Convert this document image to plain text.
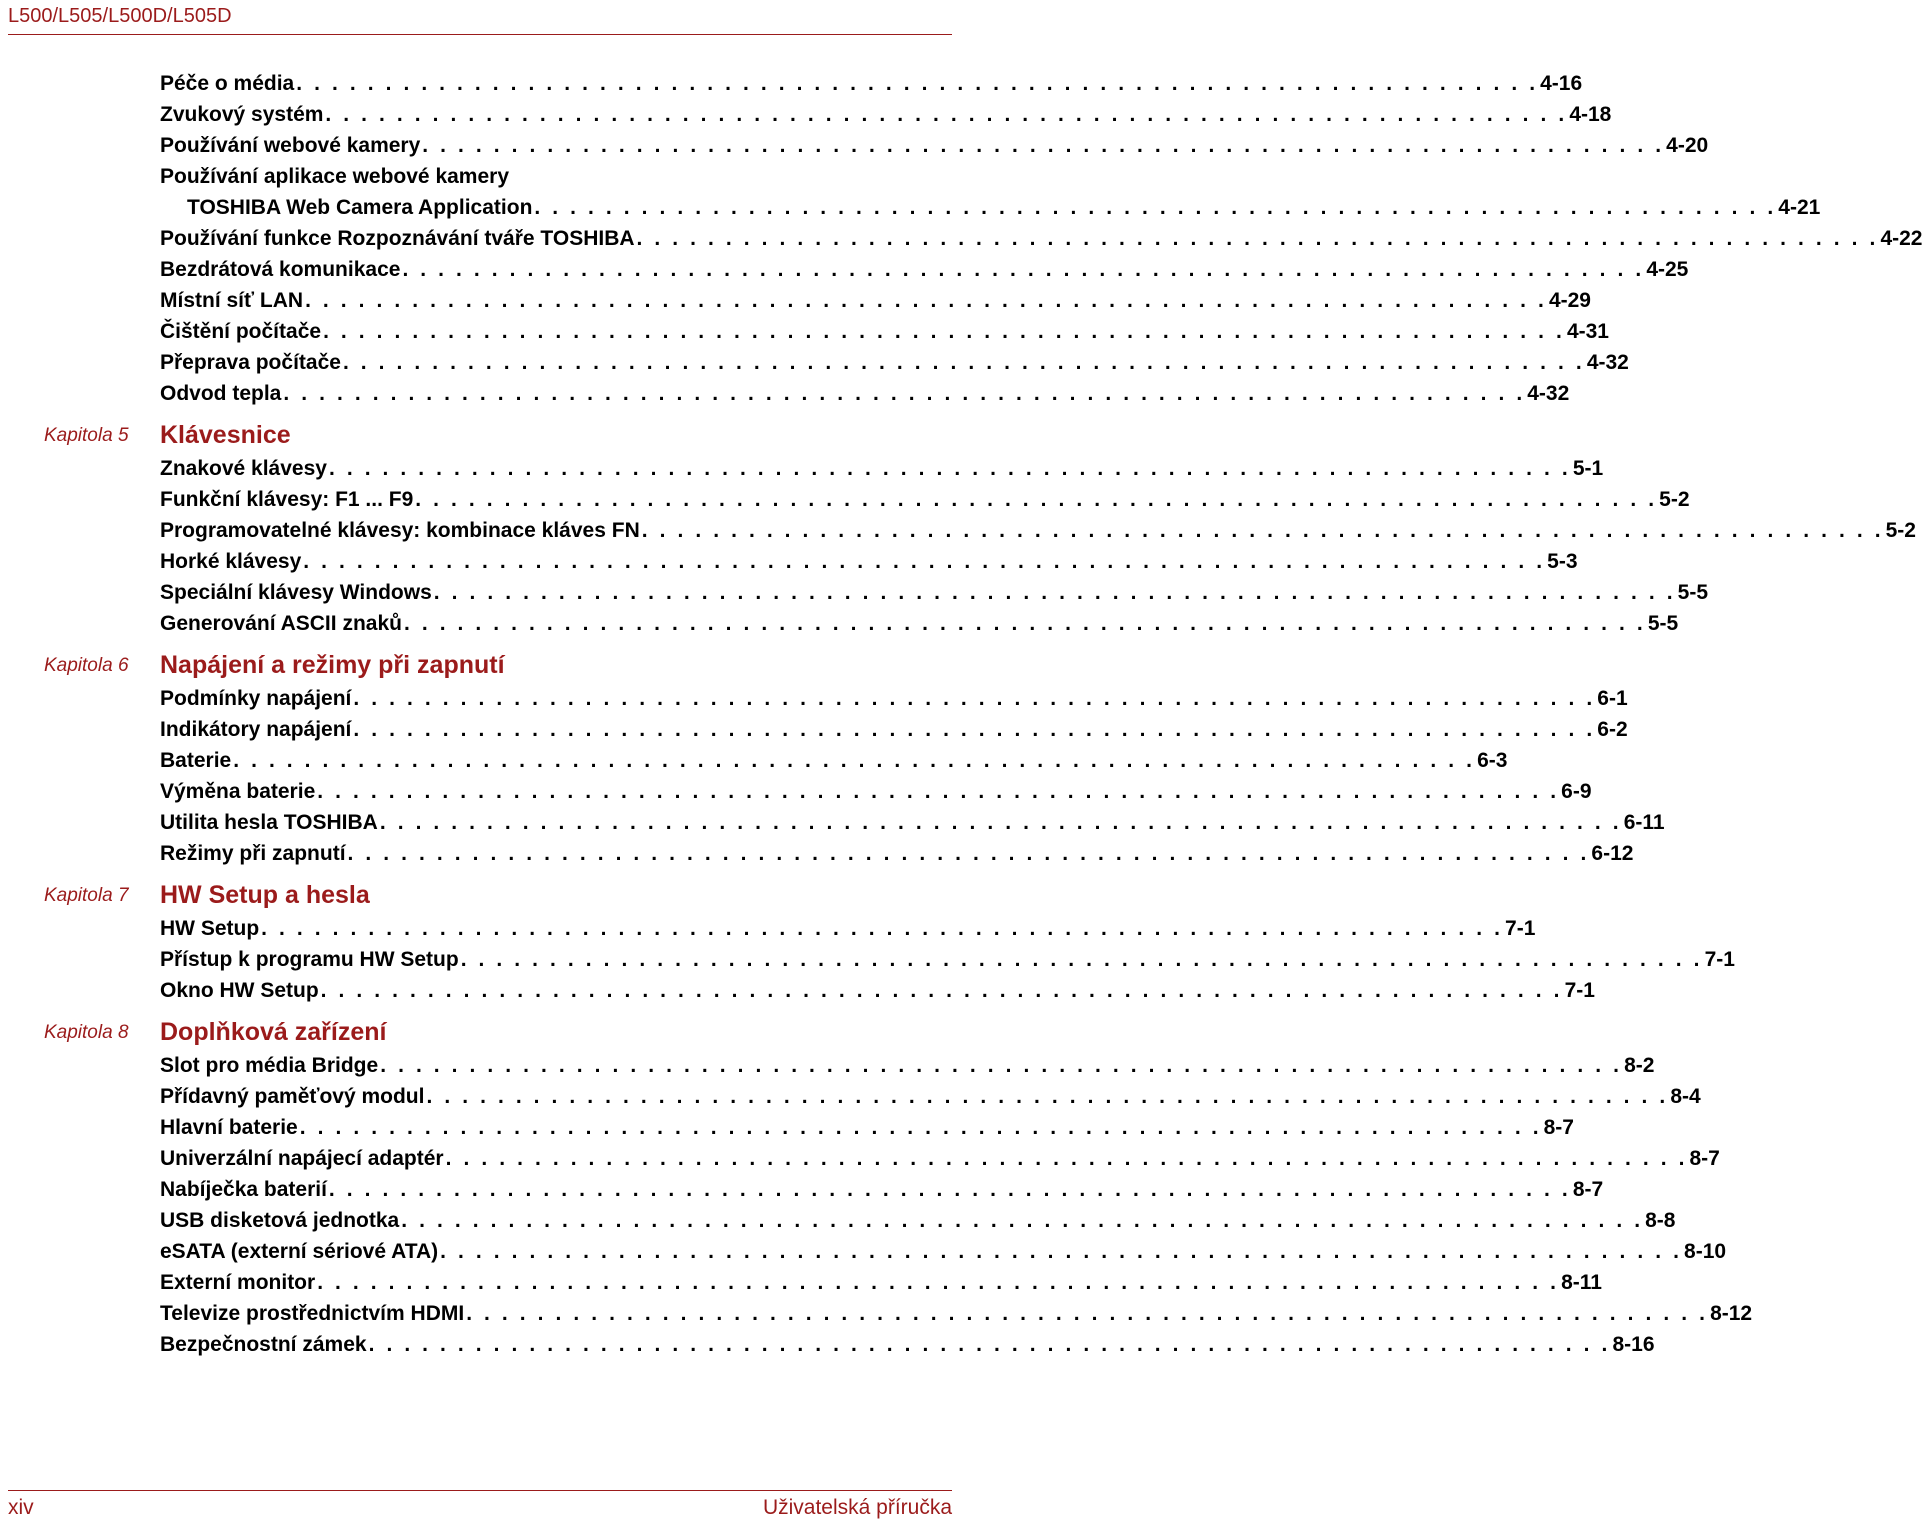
L500/L505/L500D/L505D
Péče o média . . . . . . . . . . . . . . . . . . . . . . . . . . . . . . . . . . . . . . . . . . . . . . . . . . . . . . . . . . . . . . . . . . . . . . 4-16
Zvukový systém . . . . . . . . . . . . . . . . . . . . . . . . . . . . . . . . . . . . . . . . . . . . . . . . . . . . . . . . . . . . . . . . . . . . . . 4-18
Používání webové kamery . . . . . . . . . . . . . . . . . . . . . . . . . . . . . . . . . . . . . . . . . . . . . . . . . . . . . . . . . . . . . . . . . . . . . . 4-20
Používání aplikace webové kamery
TOSHIBA Web Camera Application . . . . . . . . . . . . . . . . . . . . . . . . . . . . . . . . . . . . . . . . . . . . . . . . . . . . . . . . . . . . . . . . . . . . . . 4-21
Používání funkce Rozpoznávání tváře TOSHIBA . . . . . . . . . . . . . . . . . . . . . . . . . . . . . . . . . . . . . . . . . . . . . . . . . . . . . . . . . . . . . . . . . . . . . . 4-22
Bezdrátová komunikace . . . . . . . . . . . . . . . . . . . . . . . . . . . . . . . . . . . . . . . . . . . . . . . . . . . . . . . . . . . . . . . . . . . . . . 4-25
Místní síť LAN . . . . . . . . . . . . . . . . . . . . . . . . . . . . . . . . . . . . . . . . . . . . . . . . . . . . . . . . . . . . . . . . . . . . . . 4-29
Čištění počítače . . . . . . . . . . . . . . . . . . . . . . . . . . . . . . . . . . . . . . . . . . . . . . . . . . . . . . . . . . . . . . . . . . . . . . 4-31
Přeprava počítače . . . . . . . . . . . . . . . . . . . . . . . . . . . . . . . . . . . . . . . . . . . . . . . . . . . . . . . . . . . . . . . . . . . . . . 4-32
Odvod tepla . . . . . . . . . . . . . . . . . . . . . . . . . . . . . . . . . . . . . . . . . . . . . . . . . . . . . . . . . . . . . . . . . . . . . . 4-32
Kapitola 5 Klávesnice
Znakové klávesy . . . . . . . . . . . . . . . . . . . . . . . . . . . . . . . . . . . . . . . . . . . . . . . . . . . . . . . . . . . . . . . . . . . . . . 5-1
Funkční klávesy: F1 ... F9 . . . . . . . . . . . . . . . . . . . . . . . . . . . . . . . . . . . . . . . . . . . . . . . . . . . . . . . . . . . . . . . . . . . . . . 5-2
Programovatelné klávesy: kombinace kláves FN . . . . . . . . . . . . . . . . . . . . . . . . . . . . . . . . . . . . . . . . . . . . . . . . . . . . . . . . . . . . . . . . . . . . . . 5-2
Horké klávesy . . . . . . . . . . . . . . . . . . . . . . . . . . . . . . . . . . . . . . . . . . . . . . . . . . . . . . . . . . . . . . . . . . . . . . 5-3
Speciální klávesy Windows . . . . . . . . . . . . . . . . . . . . . . . . . . . . . . . . . . . . . . . . . . . . . . . . . . . . . . . . . . . . . . . . . . . . . . 5-5
Generování ASCII znaků . . . . . . . . . . . . . . . . . . . . . . . . . . . . . . . . . . . . . . . . . . . . . . . . . . . . . . . . . . . . . . . . . . . . . . 5-5
Kapitola 6 Napájení a režimy při zapnutí
Podmínky napájení . . . . . . . . . . . . . . . . . . . . . . . . . . . . . . . . . . . . . . . . . . . . . . . . . . . . . . . . . . . . . . . . . . . . . . 6-1
Indikátory napájení . . . . . . . . . . . . . . . . . . . . . . . . . . . . . . . . . . . . . . . . . . . . . . . . . . . . . . . . . . . . . . . . . . . . . . 6-2
Baterie . . . . . . . . . . . . . . . . . . . . . . . . . . . . . . . . . . . . . . . . . . . . . . . . . . . . . . . . . . . . . . . . . . . . . . 6-3
Výměna baterie . . . . . . . . . . . . . . . . . . . . . . . . . . . . . . . . . . . . . . . . . . . . . . . . . . . . . . . . . . . . . . . . . . . . . . 6-9
Utilita hesla TOSHIBA . . . . . . . . . . . . . . . . . . . . . . . . . . . . . . . . . . . . . . . . . . . . . . . . . . . . . . . . . . . . . . . . . . . . . . 6-11
Režimy při zapnutí . . . . . . . . . . . . . . . . . . . . . . . . . . . . . . . . . . . . . . . . . . . . . . . . . . . . . . . . . . . . . . . . . . . . . . 6-12
Kapitola 7 HW Setup a hesla
HW Setup . . . . . . . . . . . . . . . . . . . . . . . . . . . . . . . . . . . . . . . . . . . . . . . . . . . . . . . . . . . . . . . . . . . . . . 7-1
Přístup k programu HW Setup . . . . . . . . . . . . . . . . . . . . . . . . . . . . . . . . . . . . . . . . . . . . . . . . . . . . . . . . . . . . . . . . . . . . . . 7-1
Okno HW Setup . . . . . . . . . . . . . . . . . . . . . . . . . . . . . . . . . . . . . . . . . . . . . . . . . . . . . . . . . . . . . . . . . . . . . . 7-1
Kapitola 8 Doplňková zařízení
Slot pro média Bridge . . . . . . . . . . . . . . . . . . . . . . . . . . . . . . . . . . . . . . . . . . . . . . . . . . . . . . . . . . . . . . . . . . . . . . 8-2
Přídavný paměťový modul . . . . . . . . . . . . . . . . . . . . . . . . . . . . . . . . . . . . . . . . . . . . . . . . . . . . . . . . . . . . . . . . . . . . . . 8-4
Hlavní baterie . . . . . . . . . . . . . . . . . . . . . . . . . . . . . . . . . . . . . . . . . . . . . . . . . . . . . . . . . . . . . . . . . . . . . . 8-7
Univerzální napájecí adaptér . . . . . . . . . . . . . . . . . . . . . . . . . . . . . . . . . . . . . . . . . . . . . . . . . . . . . . . . . . . . . . . . . . . . . . 8-7
Nabíječka baterií . . . . . . . . . . . . . . . . . . . . . . . . . . . . . . . . . . . . . . . . . . . . . . . . . . . . . . . . . . . . . . . . . . . . . . 8-7
USB disketová jednotka . . . . . . . . . . . . . . . . . . . . . . . . . . . . . . . . . . . . . . . . . . . . . . . . . . . . . . . . . . . . . . . . . . . . . . 8-8
eSATA (externí sériové ATA) . . . . . . . . . . . . . . . . . . . . . . . . . . . . . . . . . . . . . . . . . . . . . . . . . . . . . . . . . . . . . . . . . . . . . . 8-10
Externí monitor . . . . . . . . . . . . . . . . . . . . . . . . . . . . . . . . . . . . . . . . . . . . . . . . . . . . . . . . . . . . . . . . . . . . . . 8-11
Televize prostřednictvím HDMI . . . . . . . . . . . . . . . . . . . . . . . . . . . . . . . . . . . . . . . . . . . . . . . . . . . . . . . . . . . . . . . . . . . . . . 8-12
Bezpečnostní zámek . . . . . . . . . . . . . . . . . . . . . . . . . . . . . . . . . . . . . . . . . . . . . . . . . . . . . . . . . . . . . . . . . . . . . . 8-16
xiv	Uživatelská příručka
